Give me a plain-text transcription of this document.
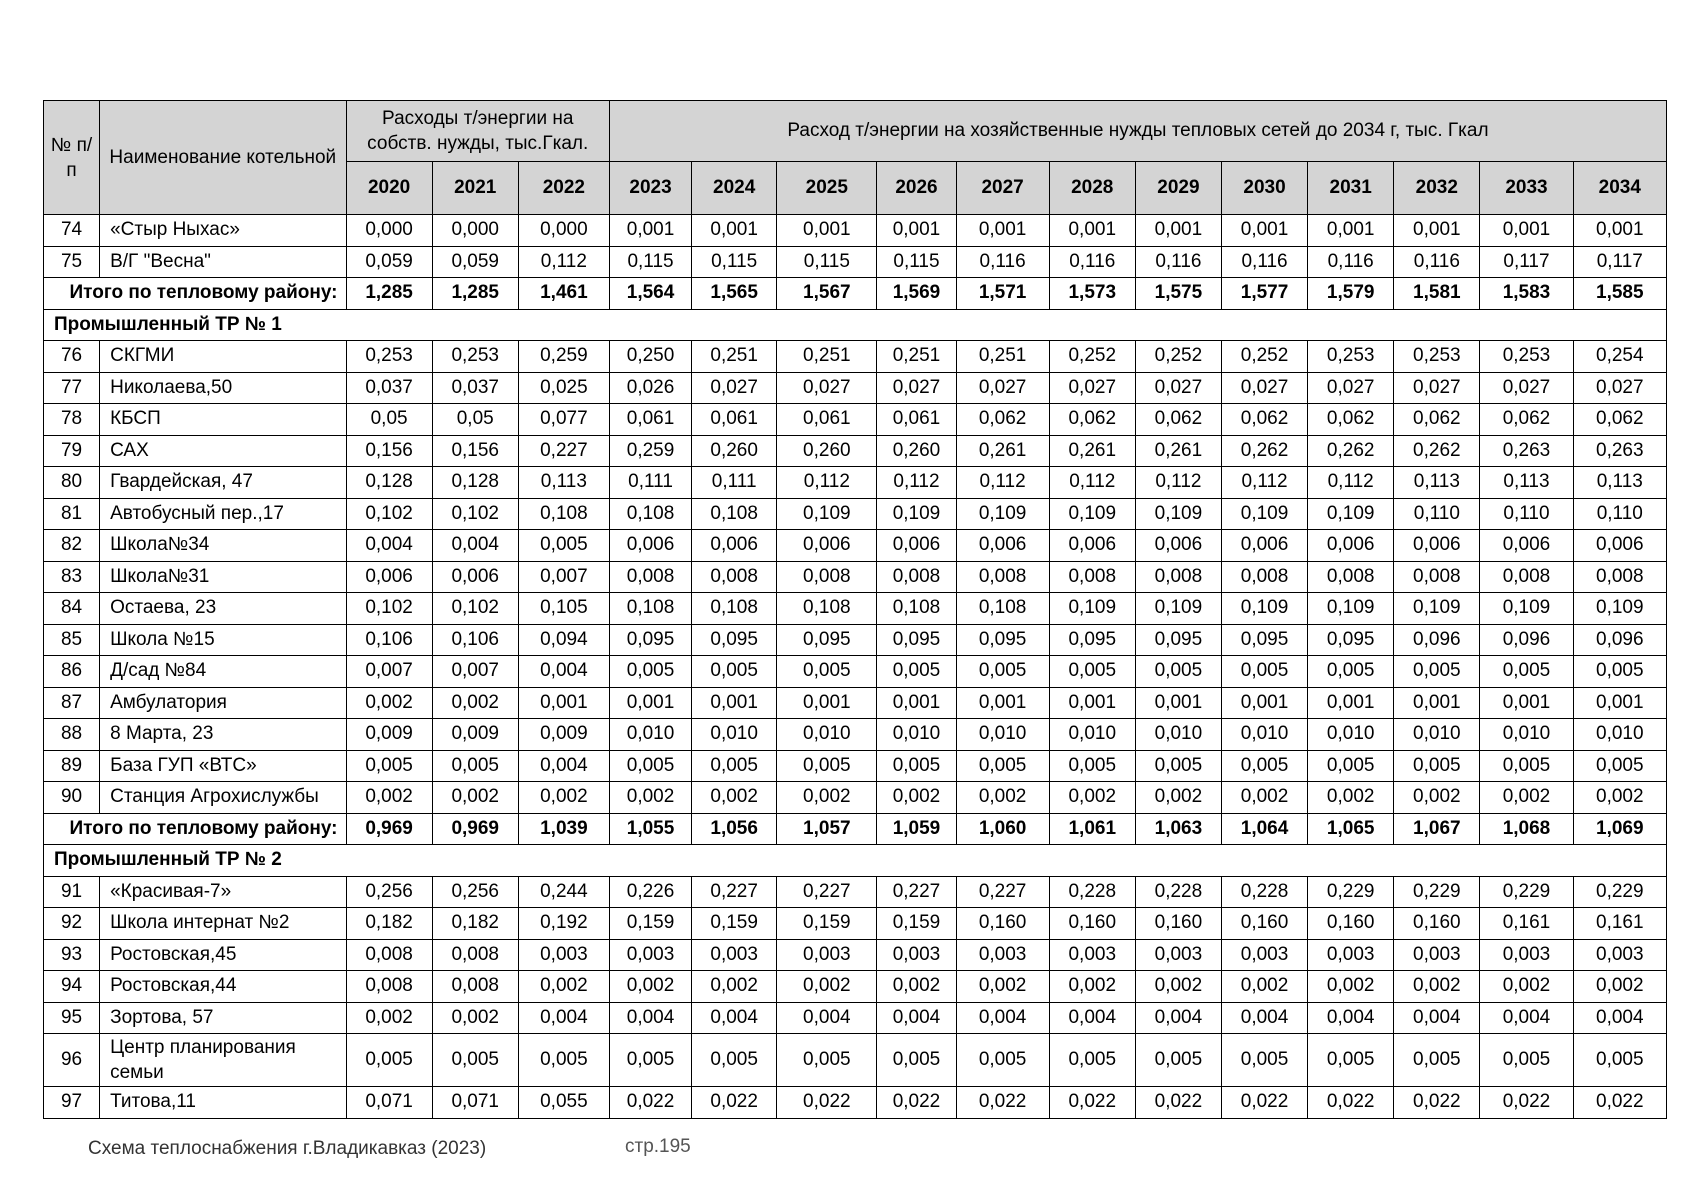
№ п/п	Наименование котельной	Расходы т/энергии на собств. нужды, тыс.Гкал.			Расход т/энергии на хозяйственные нужды тепловых сетей до 2034 г, тыс. Гкал											
		2020	2021	2022	2023	2024	2025	2026	2027	2028	2029	2030	2031	2032	2033	2034
74	«Стыр Ныхас»	0,000	0,000	0,000	0,001	0,001	0,001	0,001	0,001	0,001	0,001	0,001	0,001	0,001	0,001	0,001
75	В/Г "Весна"	0,059	0,059	0,112	0,115	0,115	0,115	0,115	0,116	0,116	0,116	0,116	0,116	0,116	0,117	0,117
Итого по тепловому району:		1,285	1,285	1,461	1,564	1,565	1,567	1,569	1,571	1,573	1,575	1,577	1,579	1,581	1,583	1,585
Промышленный ТР № 1																
76	СКГМИ	0,253	0,253	0,259	0,250	0,251	0,251	0,251	0,251	0,252	0,252	0,252	0,253	0,253	0,253	0,254
77	Николаева,50	0,037	0,037	0,025	0,026	0,027	0,027	0,027	0,027	0,027	0,027	0,027	0,027	0,027	0,027	0,027
78	КБСП	0,05	0,05	0,077	0,061	0,061	0,061	0,061	0,062	0,062	0,062	0,062	0,062	0,062	0,062	0,062
79	САХ	0,156	0,156	0,227	0,259	0,260	0,260	0,260	0,261	0,261	0,261	0,262	0,262	0,262	0,263	0,263
80	Гвардейская, 47	0,128	0,128	0,113	0,111	0,111	0,112	0,112	0,112	0,112	0,112	0,112	0,112	0,113	0,113	0,113
81	Автобусный пер.,17	0,102	0,102	0,108	0,108	0,108	0,109	0,109	0,109	0,109	0,109	0,109	0,109	0,110	0,110	0,110
82	Школа№34	0,004	0,004	0,005	0,006	0,006	0,006	0,006	0,006	0,006	0,006	0,006	0,006	0,006	0,006	0,006
83	Школа№31	0,006	0,006	0,007	0,008	0,008	0,008	0,008	0,008	0,008	0,008	0,008	0,008	0,008	0,008	0,008
84	Остаева, 23	0,102	0,102	0,105	0,108	0,108	0,108	0,108	0,108	0,109	0,109	0,109	0,109	0,109	0,109	0,109
85	Школа №15	0,106	0,106	0,094	0,095	0,095	0,095	0,095	0,095	0,095	0,095	0,095	0,095	0,096	0,096	0,096
86	Д/сад №84	0,007	0,007	0,004	0,005	0,005	0,005	0,005	0,005	0,005	0,005	0,005	0,005	0,005	0,005	0,005
87	Амбулатория	0,002	0,002	0,001	0,001	0,001	0,001	0,001	0,001	0,001	0,001	0,001	0,001	0,001	0,001	0,001
88	8 Марта, 23	0,009	0,009	0,009	0,010	0,010	0,010	0,010	0,010	0,010	0,010	0,010	0,010	0,010	0,010	0,010
89	База ГУП «ВТС»	0,005	0,005	0,004	0,005	0,005	0,005	0,005	0,005	0,005	0,005	0,005	0,005	0,005	0,005	0,005
90	Станция Агрохислужбы	0,002	0,002	0,002	0,002	0,002	0,002	0,002	0,002	0,002	0,002	0,002	0,002	0,002	0,002	0,002
Итого по тепловому району:		0,969	0,969	1,039	1,055	1,056	1,057	1,059	1,060	1,061	1,063	1,064	1,065	1,067	1,068	1,069
Промышленный ТР № 2																
91	«Красивая-7»	0,256	0,256	0,244	0,226	0,227	0,227	0,227	0,227	0,228	0,228	0,228	0,229	0,229	0,229	0,229
92	Школа интернат №2	0,182	0,182	0,192	0,159	0,159	0,159	0,159	0,160	0,160	0,160	0,160	0,160	0,160	0,161	0,161
93	Ростовская,45	0,008	0,008	0,003	0,003	0,003	0,003	0,003	0,003	0,003	0,003	0,003	0,003	0,003	0,003	0,003
94	Ростовская,44	0,008	0,008	0,002	0,002	0,002	0,002	0,002	0,002	0,002	0,002	0,002	0,002	0,002	0,002	0,002
95	Зортова, 57	0,002	0,002	0,004	0,004	0,004	0,004	0,004	0,004	0,004	0,004	0,004	0,004	0,004	0,004	0,004
96	Центр планирования семьи	0,005	0,005	0,005	0,005	0,005	0,005	0,005	0,005	0,005	0,005	0,005	0,005	0,005	0,005	0,005
97	Титова,11	0,071	0,071	0,055	0,022	0,022	0,022	0,022	0,022	0,022	0,022	0,022	0,022	0,022	0,022	0,022
Схема теплоснабжения г.Владикавказ (2023)	стр.195
